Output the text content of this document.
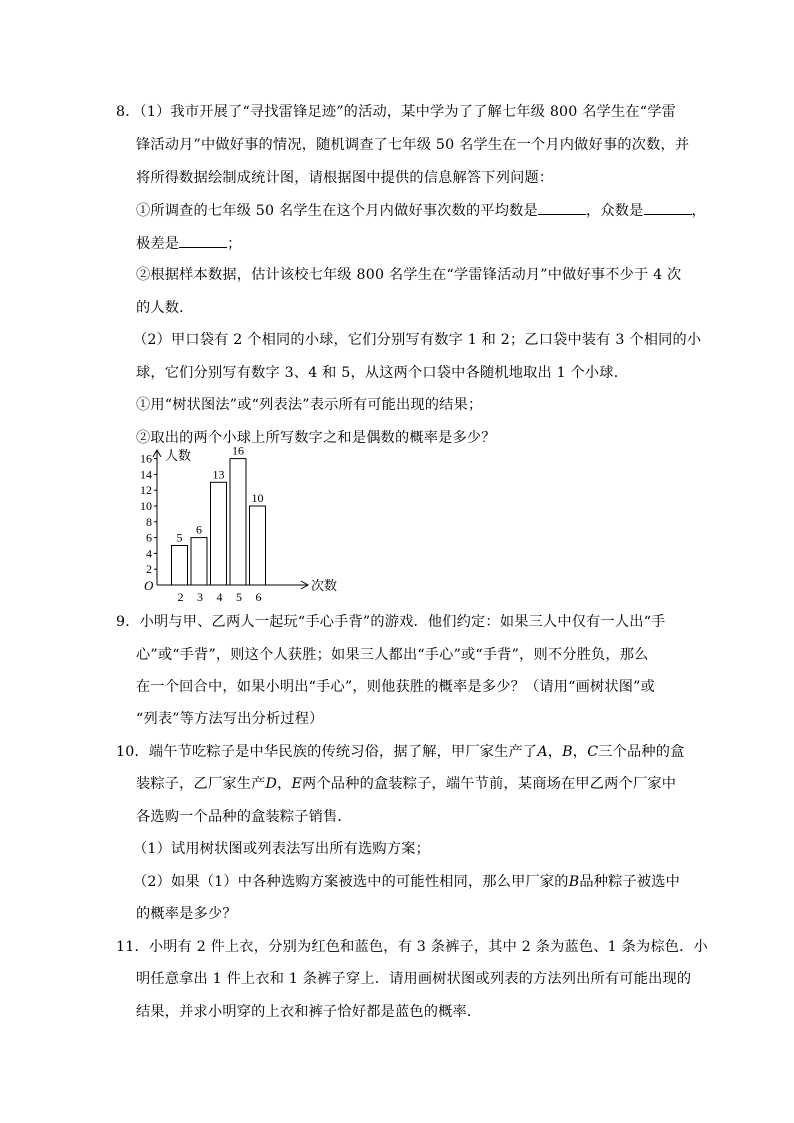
8．（1）我市开展了“寻找雷锋足迹”的活动，某中学为了了解七年级 800 名学生在“学雷
锋活动月”中做好事的情况，随机调查了七年级 50 名学生在一个月内做好事的次数，并
将所得数据绘制成统计图，请根据图中提供的信息解答下列问题：
①所调查的七年级 50 名学生在这个月内做好事次数的平均数是	，众数是	，
极差是	；
②根据样本数据，估计该校七年级 800 名学生在“学雷锋活动月”中做好事不少于 4 次
的人数．
（2）甲口袋有 2 个相同的小球，它们分别写有数字 1 和 2；乙口袋中装有 3 个相同的小
球，它们分别写有数字 3、4 和 5，从这两个口袋中各随机地取出 1 个小球．
①用“树状图法”或“列表法”表示所有可能出现的结果；
②取出的两个小球上所写数字之和是偶数的概率是多少？
人数
次数
O
2
4
6
8
10
12
14
16
5
2
6
3
13
4
16
5
10
6
9．小明与甲、乙两人一起玩“手心手背”的游戏．他们约定：如果三人中仅有一人出“手
心”或“手背”，则这个人获胜；如果三人都出“手心”或“手背”，则不分胜负，那么
在一个回合中，如果小明出“手心”，则他获胜的概率是多少？（请用“画树状图”或
“列表”等方法写出分析过程）
10．端午节吃粽子是中华民族的传统习俗，据了解，甲厂家生产了A，B，C三个品种的盒
装粽子，乙厂家生产D，E两个品种的盒装粽子，端午节前，某商场在甲乙两个厂家中
各选购一个品种的盒装粽子销售．
（1）试用树状图或列表法写出所有选购方案；
（2）如果（1）中各种选购方案被选中的可能性相同，那么甲厂家的B品种粽子被选中
的概率是多少？
11．小明有 2 件上衣，分别为红色和蓝色，有 3 条裤子，其中 2 条为蓝色、1 条为棕色．小
明任意拿出 1 件上衣和 1 条裤子穿上．请用画树状图或列表的方法列出所有可能出现的
结果，并求小明穿的上衣和裤子恰好都是蓝色的概率．
